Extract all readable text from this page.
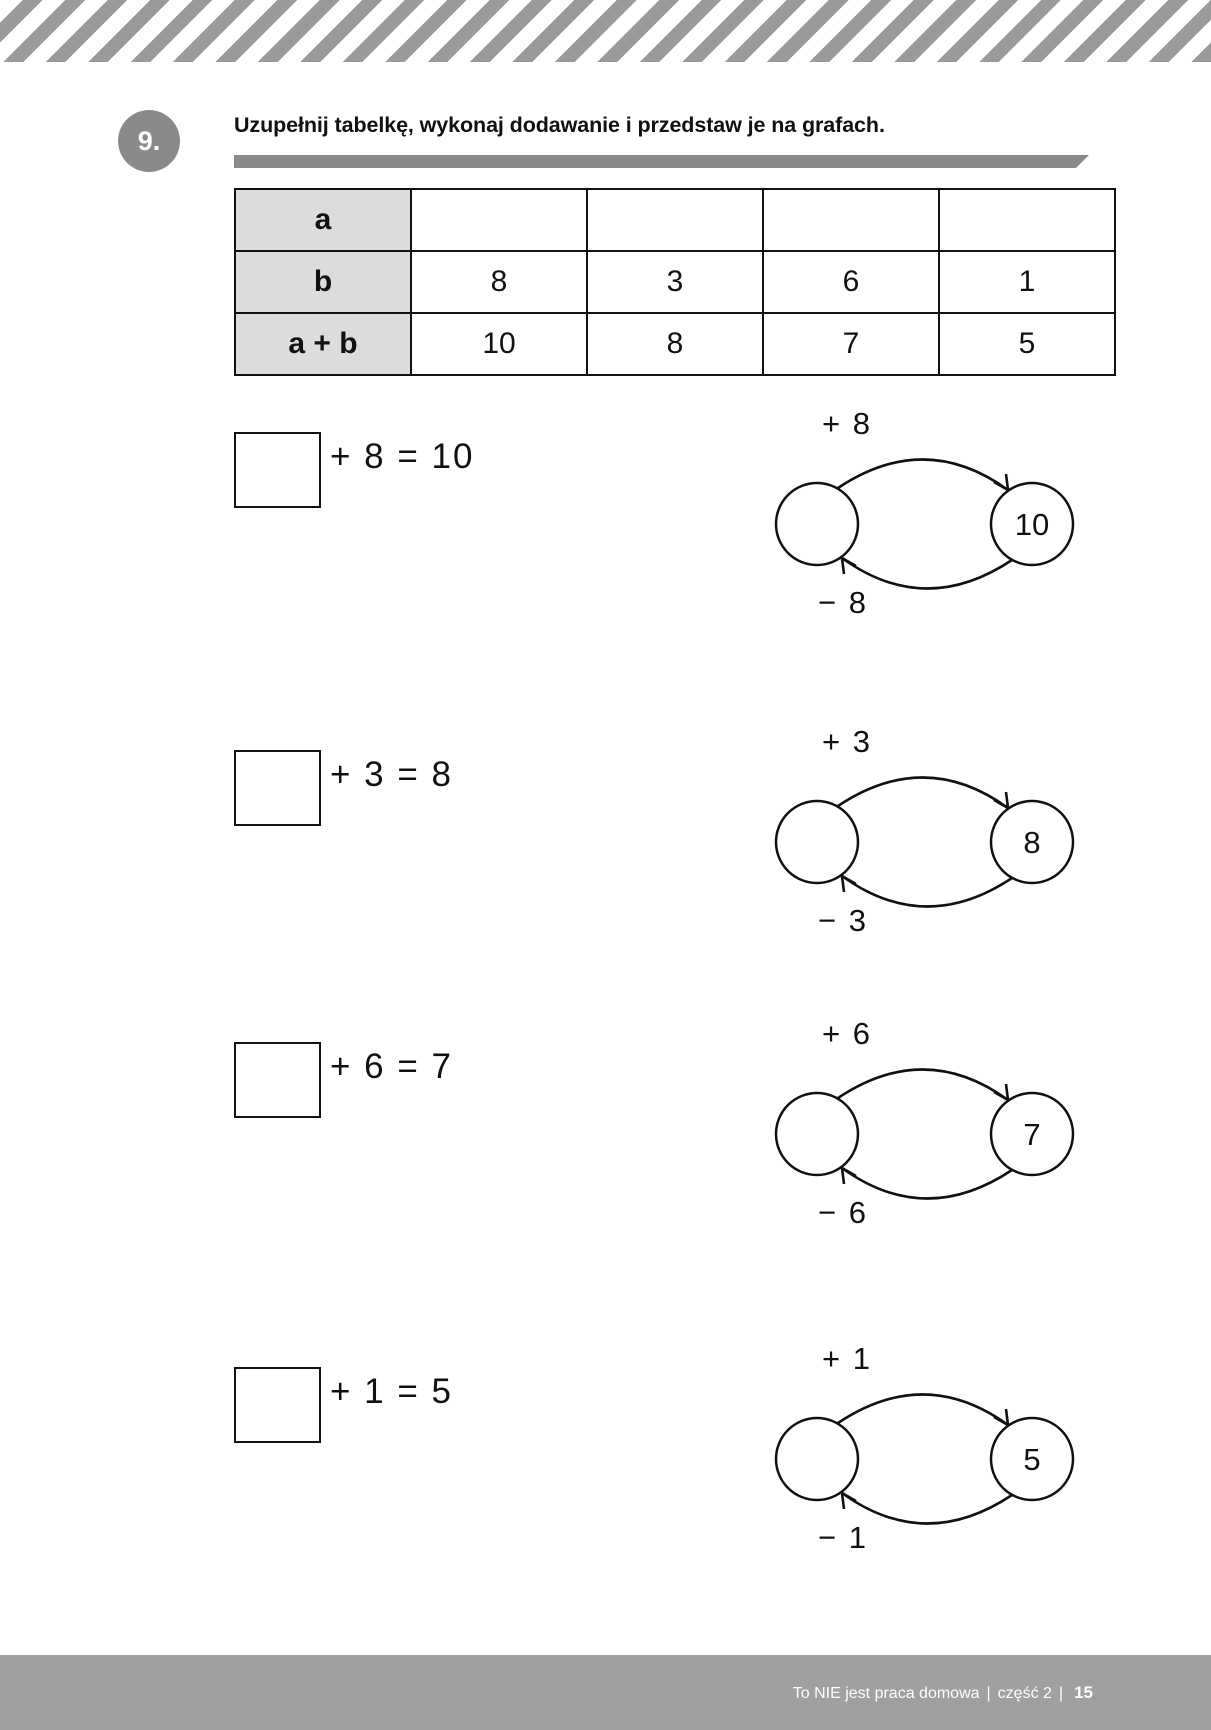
9.
Uzupełnij tabelkę, wykonaj dodawanie i przedstaw je na grafach.
a				
b	8	3	6	1
a + b	10	8	7	5
+ 8 = 10
+ 8
− 8
10
+ 3 = 8
+ 3
− 3
8
+ 6 = 7
+ 6
− 6
7
+ 1 = 5
+ 1
− 1
5
To NIE jest praca domowa | część 2 | 15
